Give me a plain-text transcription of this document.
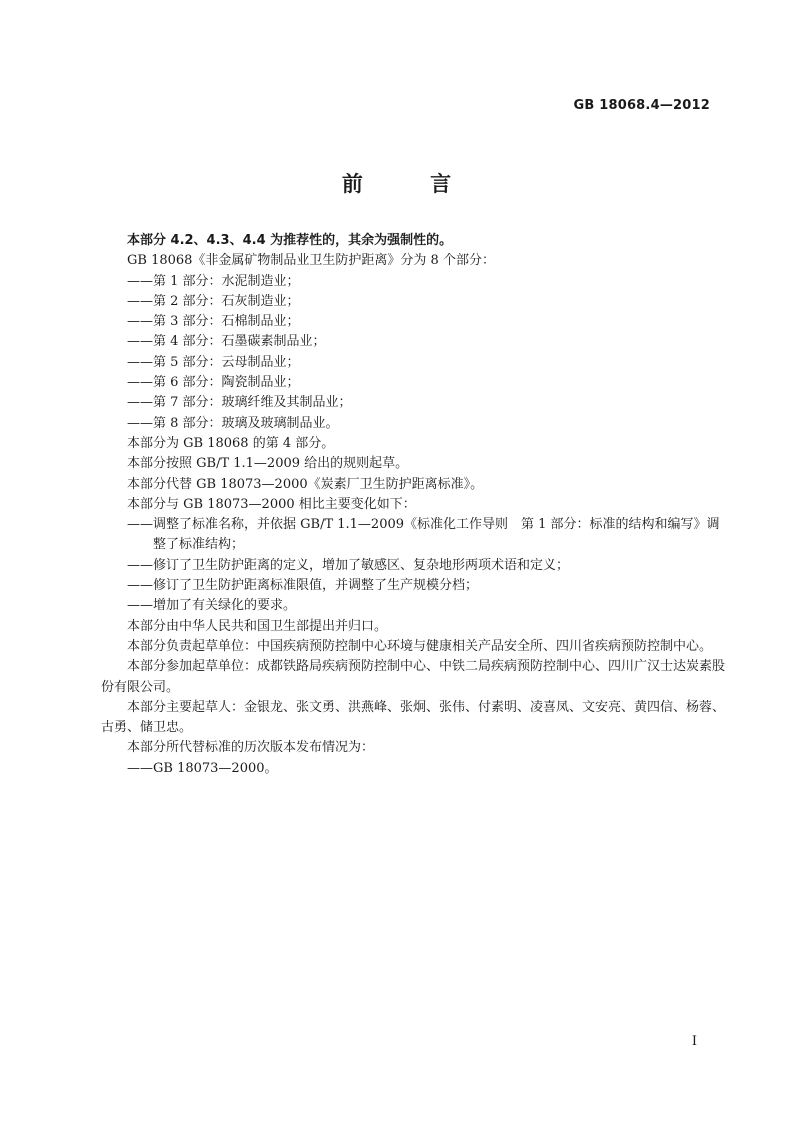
GB 18068.4—2012
前 言

本部分 4.2、4.3、4.4 为推荐性的，其余为强制性的。

GB 18068《非金属矿物制品业卫生防护距离》分为 8 个部分：

——第 1 部分：水泥制造业；

——第 2 部分：石灰制造业；

——第 3 部分：石棉制品业；

——第 4 部分：石墨碳素制品业；

——第 5 部分：云母制品业；

——第 6 部分：陶瓷制品业；

——第 7 部分：玻璃纤维及其制品业；

——第 8 部分：玻璃及玻璃制品业。

本部分为 GB 18068 的第 4 部分。

本部分按照 GB/T 1.1—2009 给出的规则起草。

本部分代替 GB 18073—2000《炭素厂卫生防护距离标准》。

本部分与 GB 18073—2000 相比主要变化如下：

——调整了标准名称，并依据 GB/T 1.1—2009《标准化工作导则　第 1 部分：标准的结构和编写》调整了标准结构；

——修订了卫生防护距离的定义，增加了敏感区、复杂地形两项术语和定义；

——修订了卫生防护距离标准限值，并调整了生产规模分档；

——增加了有关绿化的要求。

本部分由中华人民共和国卫生部提出并归口。

本部分负责起草单位：中国疾病预防控制中心环境与健康相关产品安全所、四川省疾病预防控制中心。

本部分参加起草单位：成都铁路局疾病预防控制中心、中铁二局疾病预防控制中心、四川广汉士达炭素股份有限公司。

本部分主要起草人：金银龙、张文勇、洪燕峰、张炯、张伟、付素明、凌喜凤、文安亮、黄四信、杨蓉、古勇、储卫忠。

本部分所代替标准的历次版本发布情况为：

——GB 18073—2000。

I
